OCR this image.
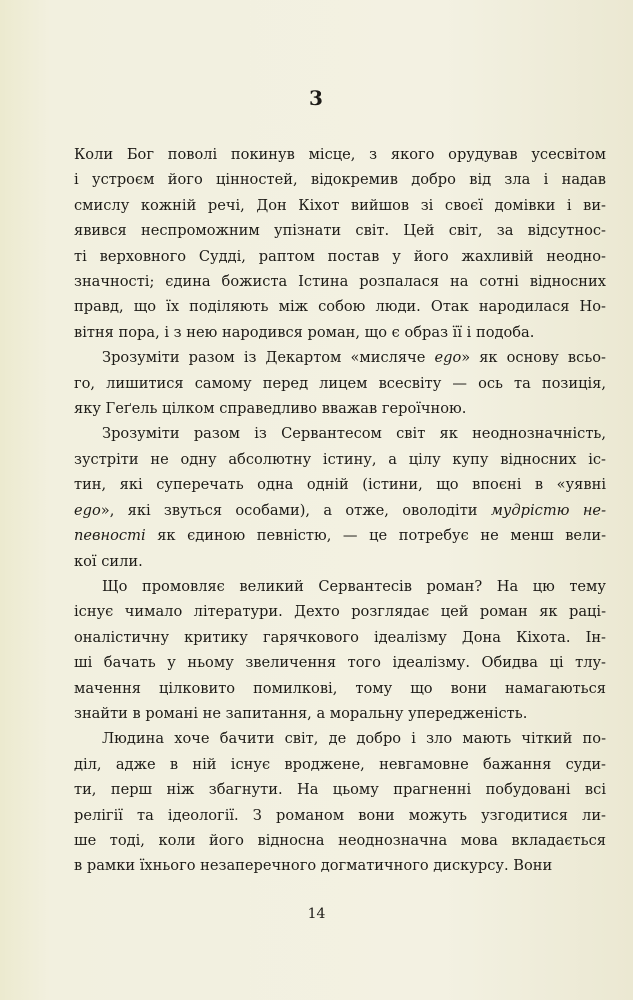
3

Коли Бог поволі покинув місце, з якого орудував усесвітом
і устроєм його цінностей, відокремив добро від зла і надав
смислу кожній речі, Дон Кіхот вийшов зі своєї домівки і ви-
явився неспроможним упізнати світ. Цей світ, за відсутнос-
ті верховного Судді, раптом постав у його жахливій неодно-
значності; єдина божиста Істина розпалася на сотні відносних
правд, що їх поділяють між собою люди. Отак народилася Но-
вітня пора, і з нею народився роман, що є образ її і подоба.

Зрозуміти разом із Декартом «мисляче ego» як основу всьо-
го, лишитися самому перед лицем всесвіту — ось та позиція,
яку Геґель цілком справедливо вважав героїчною.

Зрозуміти разом із Сервантесом світ як неоднозначність,
зустріти не одну абсолютну істину, а цілу купу відносних іс-
тин, які суперечать одна одній (істини, що впоєні в «уявні
ego», які звуться особами), а отже, оволодіти мудрістю не-
певності як єдиною певністю, — це потребує не менш вели-
кої сили.

Що промовляє великий Сервантесів роман? На цю тему
існує чимало літератури. Дехто розглядає цей роман як раці-
оналістичну критику гарячкового ідеалізму Дона Кіхота. Ін-
ші бачать у ньому звеличення того ідеалізму. Обидва ці тлу-
мачення цілковито помилкові, тому що вони намагаються
знайти в романі не запитання, а моральну упередженість.

Людина хоче бачити світ, де добро і зло мають чіткий по-
діл, адже в ній існує вроджене, невгамовне бажання суди-
ти, перш ніж збагнути. На цьому прагненні побудовані всі
релігії та ідеології. З романом вони можуть узгодитися ли-
ше тоді, коли його відносна неоднозначна мова вкладається
в рамки їхнього незаперечного догматичного дискурсу. Вони

14
